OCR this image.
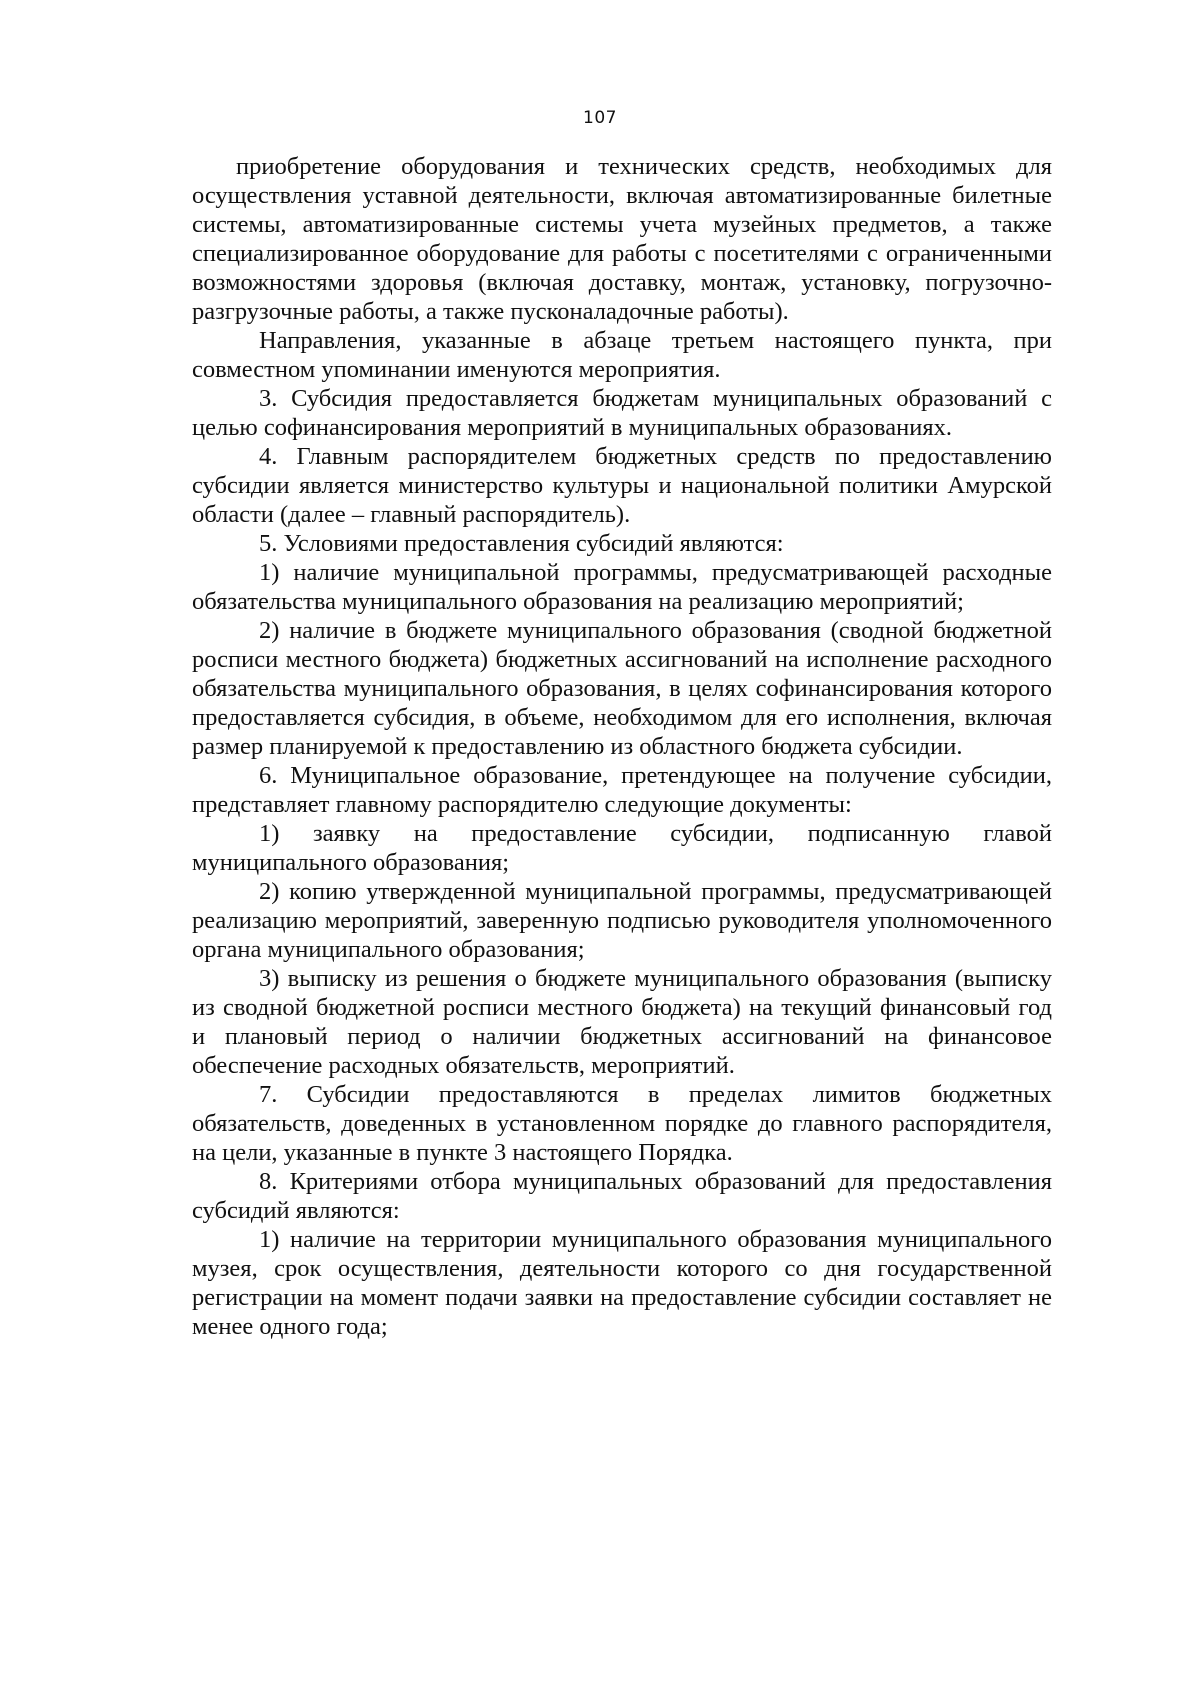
107

приобретение оборудования и технических средств, необходимых для осуществления уставной деятельности, включая автоматизированные билетные системы, автоматизированные системы учета музейных предметов, а также специализированное оборудование для работы с посетителями с ограниченными возможностями здоровья (включая доставку, монтаж, установку, погрузочно-разгрузочные работы, а также пусконаладочные работы).

Направления, указанные в абзаце третьем настоящего пункта, при совместном упоминании именуются мероприятия.

3. Субсидия предоставляется бюджетам муниципальных образований с целью софинансирования мероприятий в муниципальных образованиях.

4. Главным распорядителем бюджетных средств по предоставлению субсидии является министерство культуры и национальной политики Амурской области (далее – главный распорядитель).

5. Условиями предоставления субсидий являются:

1) наличие муниципальной программы, предусматривающей расходные обязательства муниципального образования на реализацию мероприятий;

2) наличие в бюджете муниципального образования (сводной бюджетной росписи местного бюджета) бюджетных ассигнований на исполнение расходного обязательства муниципального образования, в целях софинансирования которого предоставляется субсидия, в объеме, необходимом для его исполнения, включая размер планируемой к предоставлению из областного бюджета субсидии.

6. Муниципальное образование, претендующее на получение субсидии, представляет главному распорядителю следующие документы:

1) заявку на предоставление субсидии, подписанную главой муниципального образования;

2) копию утвержденной муниципальной программы, предусматривающей реализацию мероприятий, заверенную подписью руководителя уполномоченного органа муниципального образования;

3) выписку из решения о бюджете муниципального образования (выписку из сводной бюджетной росписи местного бюджета) на текущий финансовый год и плановый период о наличии бюджетных ассигнований на финансовое обеспечение расходных обязательств, мероприятий.

7. Субсидии предоставляются в пределах лимитов бюджетных обязательств, доведенных в установленном порядке до главного распорядителя, на цели, указанные в пункте 3 настоящего Порядка.

8. Критериями отбора муниципальных образований для предоставления субсидий являются:

1) наличие на территории муниципального образования муниципального музея, срок осуществления, деятельности которого со дня государственной регистрации на момент подачи заявки на предоставление субсидии составляет не менее одного года;
